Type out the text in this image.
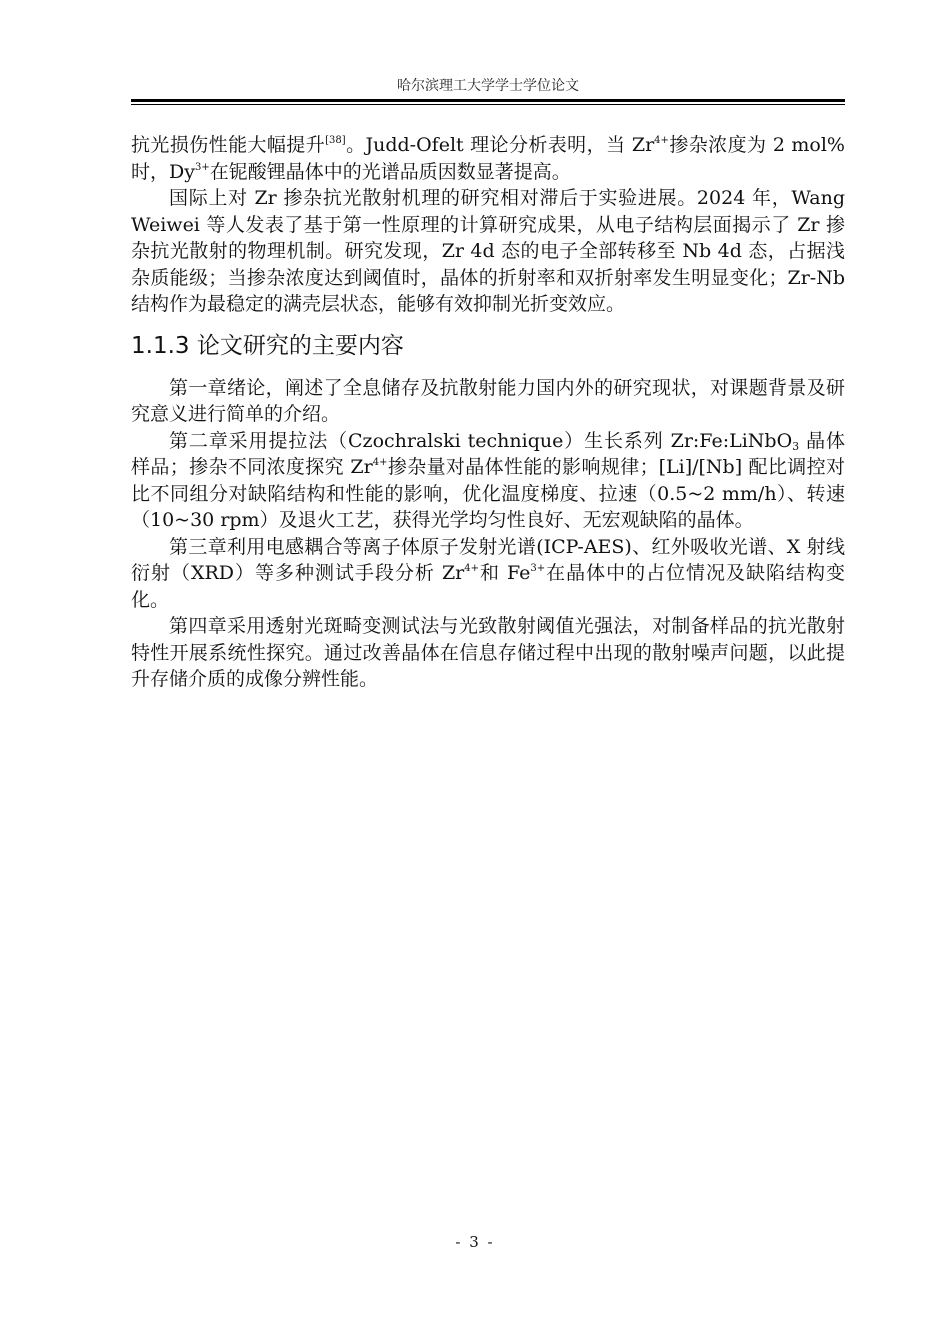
哈尔滨理工大学学士学位论文

抗光损伤性能大幅提升[38]。Judd-Ofelt 理论分析表明，当 $Zr^{4+}$掺杂浓度为 2 mol%时，$Dy^{3+}$在铌酸锂晶体中的光谱品质因数显著提高。

国际上对 Zr 掺杂抗光散射机理的研究相对滞后于实验进展。2024 年，Wang Weiwei 等人发表了基于第一性原理的计算研究成果，从电子结构层面揭示了 Zr 掺杂抗光散射的物理机制。研究发现，Zr 4d 态的电子全部转移至 Nb 4d 态，占据浅杂质能级；当掺杂浓度达到阈值时，晶体的折射率和双折射率发生明显变化；Zr-Nb 结构作为最稳定的满壳层状态，能够有效抑制光折变效应。

1.1.3 论文研究的主要内容

第一章绪论，阐述了全息储存及抗散射能力国内外的研究现状，对课题背景及研究意义进行简单的介绍。

第二章采用提拉法（Czochralski technique）生长系列 Zr:Fe:LiNbO$_3$ 晶体样品；掺杂不同浓度探究 $Zr^{4+}$掺杂量对晶体性能的影响规律；[Li]/[Nb] 配比调控对比不同组分对缺陷结构和性能的影响，优化温度梯度、拉速（0.5~2 mm/h）、转速（10~30 rpm）及退火工艺，获得光学均匀性良好、无宏观缺陷的晶体。

第三章利用电感耦合等离子体原子发射光谱(ICP-AES)、红外吸收光谱、X 射线衍射（XRD）等多种测试手段分析 $Zr^{4+}$和 $Fe^{3+}$在晶体中的占位情况及缺陷结构变化。

第四章采用透射光斑畸变测试法与光致散射阈值光强法，对制备样品的抗光散射特性开展系统性探究。通过改善晶体在信息存储过程中出现的散射噪声问题，以此提升存储介质的成像分辨性能。

- 3 -
